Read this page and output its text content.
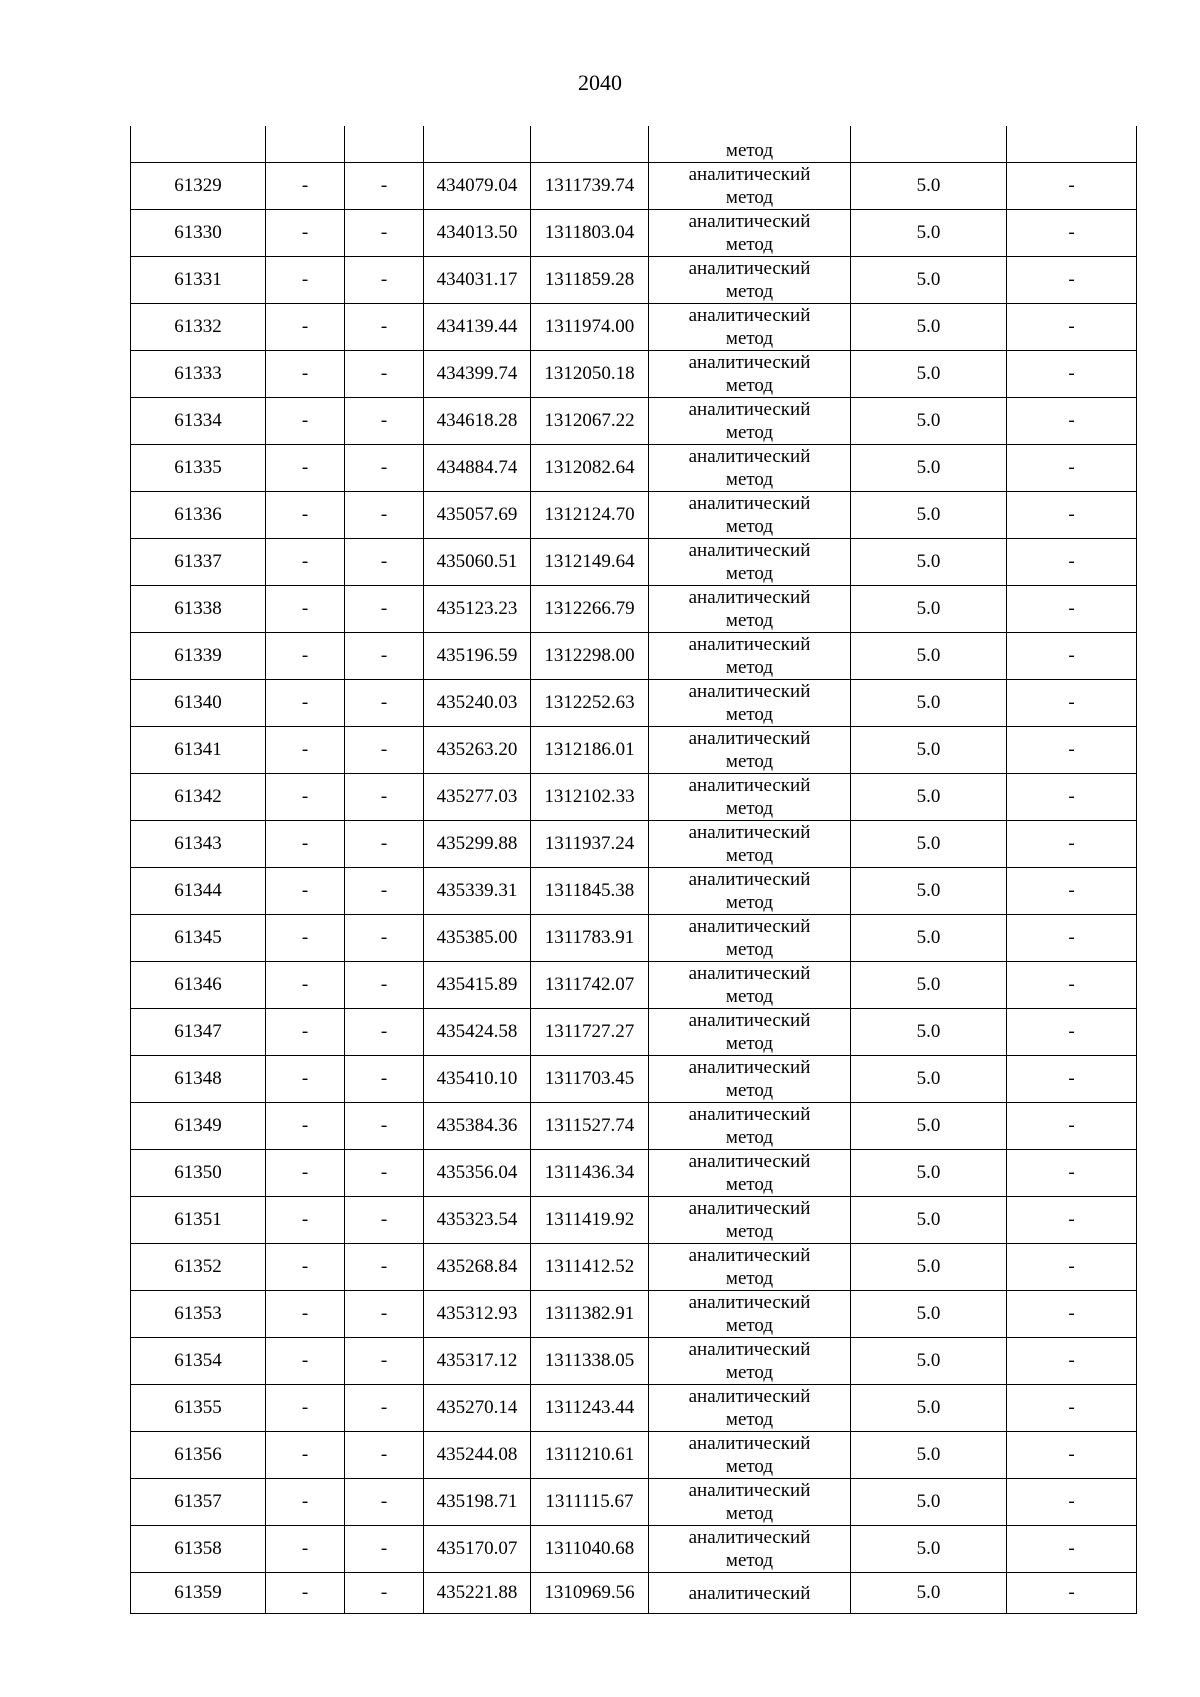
2040

					метод		

61329	-	-	434079.04	1311739.74	аналитический
метод	5.0	-
61330	-	-	434013.50	1311803.04	аналитический
метод	5.0	-
61331	-	-	434031.17	1311859.28	аналитический
метод	5.0	-
61332	-	-	434139.44	1311974.00	аналитический
метод	5.0	-
61333	-	-	434399.74	1312050.18	аналитический
метод	5.0	-
61334	-	-	434618.28	1312067.22	аналитический
метод	5.0	-
61335	-	-	434884.74	1312082.64	аналитический
метод	5.0	-
61336	-	-	435057.69	1312124.70	аналитический
метод	5.0	-
61337	-	-	435060.51	1312149.64	аналитический
метод	5.0	-
61338	-	-	435123.23	1312266.79	аналитический
метод	5.0	-
61339	-	-	435196.59	1312298.00	аналитический
метод	5.0	-
61340	-	-	435240.03	1312252.63	аналитический
метод	5.0	-
61341	-	-	435263.20	1312186.01	аналитический
метод	5.0	-
61342	-	-	435277.03	1312102.33	аналитический
метод	5.0	-
61343	-	-	435299.88	1311937.24	аналитический
метод	5.0	-
61344	-	-	435339.31	1311845.38	аналитический
метод	5.0	-
61345	-	-	435385.00	1311783.91	аналитический
метод	5.0	-
61346	-	-	435415.89	1311742.07	аналитический
метод	5.0	-
61347	-	-	435424.58	1311727.27	аналитический
метод	5.0	-
61348	-	-	435410.10	1311703.45	аналитический
метод	5.0	-
61349	-	-	435384.36	1311527.74	аналитический
метод	5.0	-
61350	-	-	435356.04	1311436.34	аналитический
метод	5.0	-
61351	-	-	435323.54	1311419.92	аналитический
метод	5.0	-
61352	-	-	435268.84	1311412.52	аналитический
метод	5.0	-
61353	-	-	435312.93	1311382.91	аналитический
метод	5.0	-
61354	-	-	435317.12	1311338.05	аналитический
метод	5.0	-
61355	-	-	435270.14	1311243.44	аналитический
метод	5.0	-
61356	-	-	435244.08	1311210.61	аналитический
метод	5.0	-
61357	-	-	435198.71	1311115.67	аналитический
метод	5.0	-
61358	-	-	435170.07	1311040.68	аналитический
метод	5.0	-
61359	-	-	435221.88	1310969.56	аналитический	5.0	-
